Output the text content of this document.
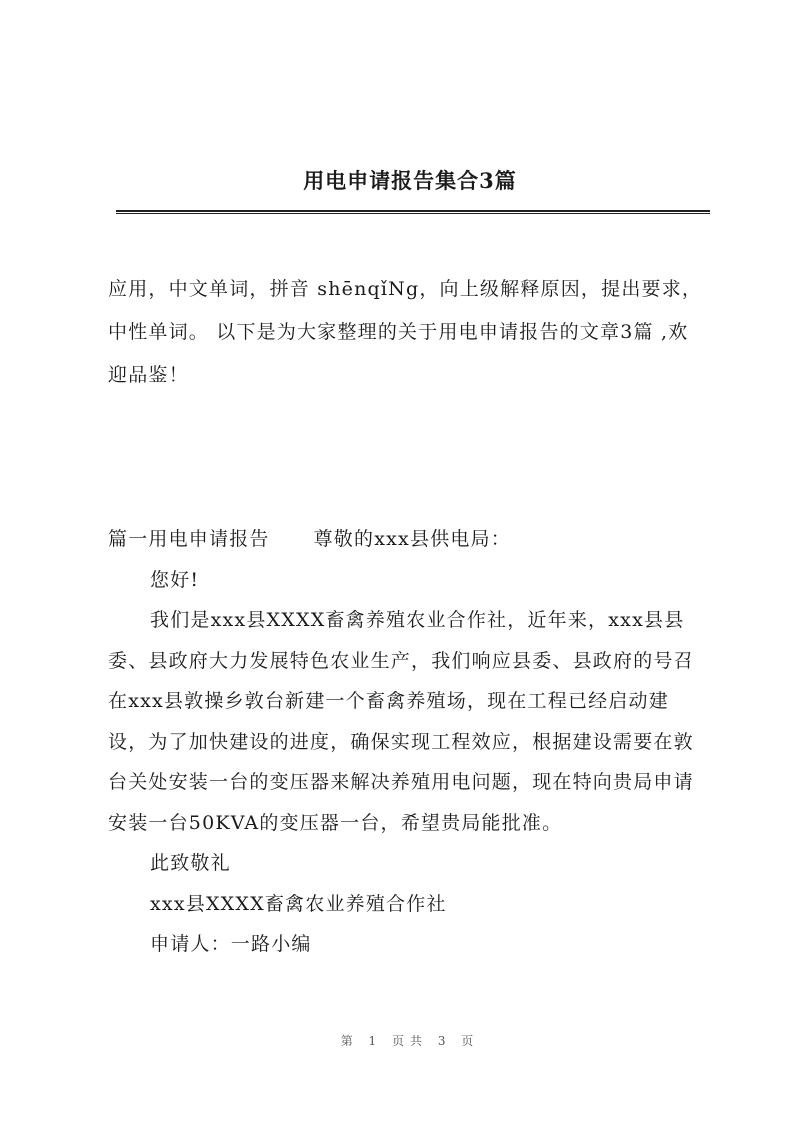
用电申请报告集合3篇
应用，中文单词，拼音 shēnqǐNg，向上级解释原因，提出要求，中性单词。 以下是为大家整理的关于用电申请报告的文章3篇 ,欢迎品鉴！

篇一用电申请报告 尊敬的xxx县供电局：

您好!

我们是xxx县XXXX畜禽养殖农业合作社，近年来，xxx县县委、县政府大力发展特色农业生产，我们响应县委、县政府的号召在xxx县敦操乡敦台新建一个畜禽养殖场，现在工程已经启动建设，为了加快建设的进度，确保实现工程效应，根据建设需要在敦台关处安装一台的变压器来解决养殖用电问题，现在特向贵局申请安装一台50KVA的变压器一台，希望贵局能批准。

此致敬礼

xxx县XXXX畜禽农业养殖合作社

申请人：一路小编

第 1 页共 3 页
